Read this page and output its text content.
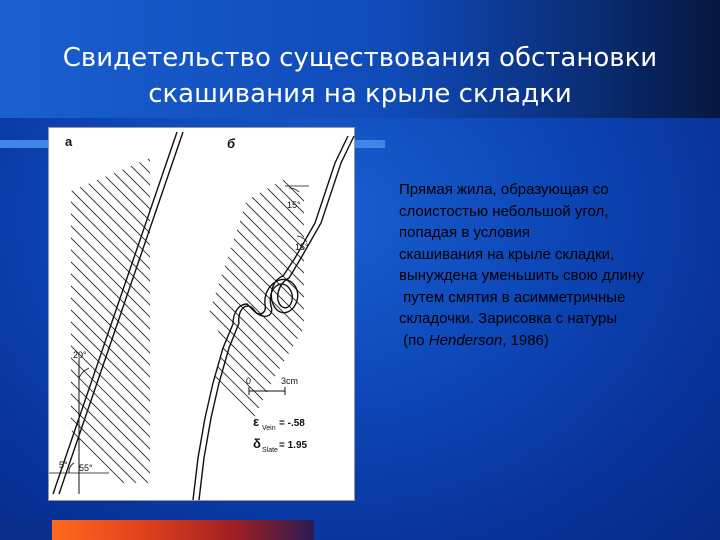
Свидетельство существования обстановки
скашивания на крыле складки
а	б
20°
5° 55°
15°
15°
0	3cm
ε Vein = -.58
δ Slate = 1.95
Прямая жила, образующая со
слоистостью небольшой угол,
попадая в условия
скашивания на крыле складки,
вынуждена уменьшить свою длину
путем смятия в асимметричные
складочки. Зарисовка с натуры
(по Henderson, 1986)
